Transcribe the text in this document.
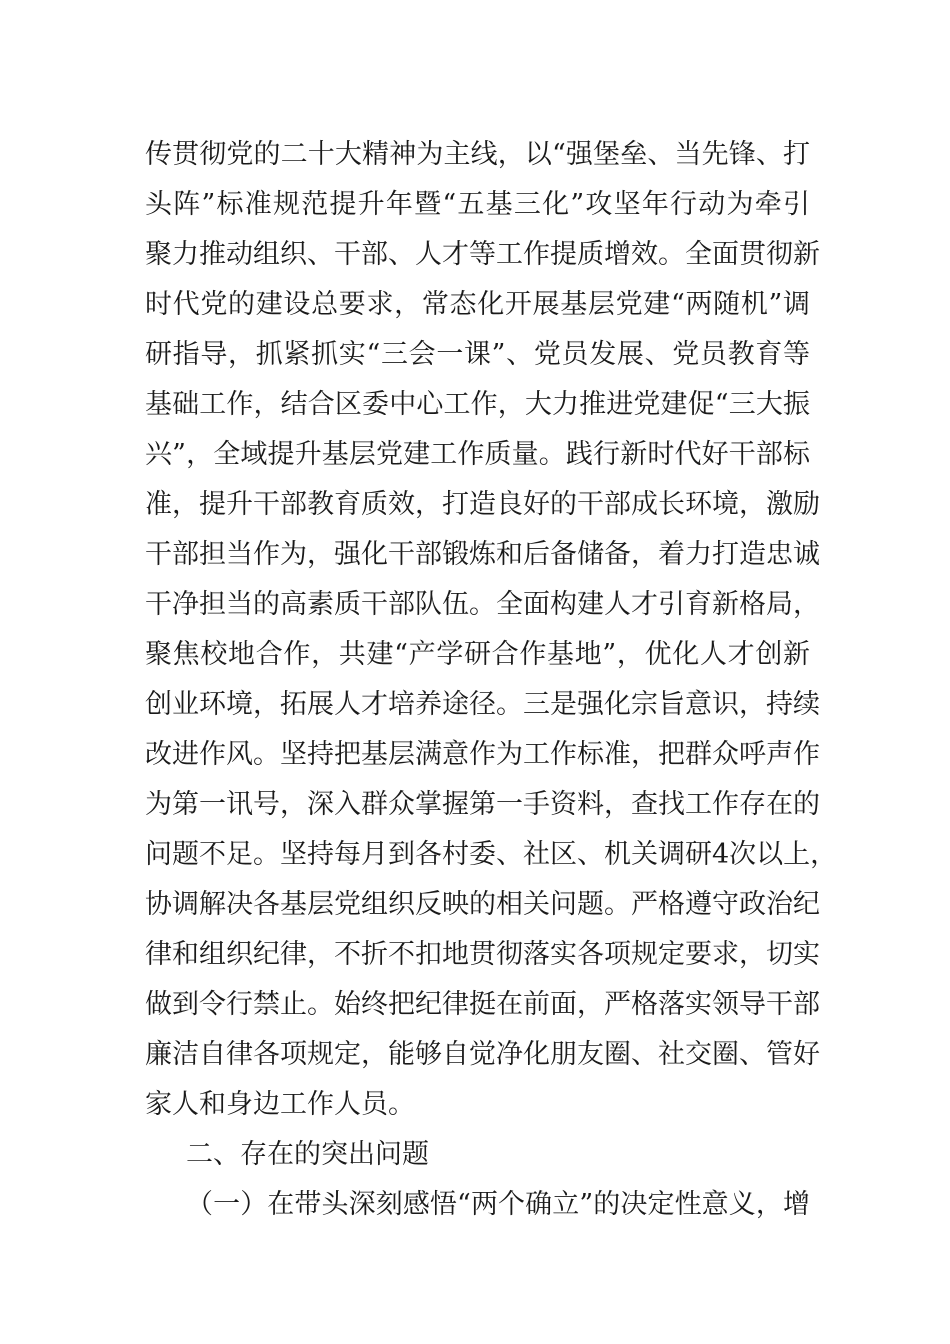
传贯彻党的二十大精神为主线，以“强堡垒、当先锋、打
头阵”标准规范提升年暨“五基三化”攻坚年行动为牵引
聚力推动组织、干部、人才等工作提质增效。全面贯彻新
时代党的建设总要求，常态化开展基层党建“两随机”调
研指导，抓紧抓实“三会一课”、党员发展、党员教育等
基础工作，结合区委中心工作，大力推进党建促“三大振
兴”，全域提升基层党建工作质量。践行新时代好干部标
准，提升干部教育质效，打造良好的干部成长环境，激励
干部担当作为，强化干部锻炼和后备储备，着力打造忠诚
干净担当的高素质干部队伍。全面构建人才引育新格局，
聚焦校地合作，共建“产学研合作基地”，优化人才创新
创业环境，拓展人才培养途径。三是强化宗旨意识，持续
改进作风。坚持把基层满意作为工作标准，把群众呼声作
为第一讯号，深入群众掌握第一手资料，查找工作存在的
问题不足。坚持每月到各村委、社区、机关调研4次以上，
协调解决各基层党组织反映的相关问题。严格遵守政治纪
律和组织纪律，不折不扣地贯彻落实各项规定要求，切实
做到令行禁止。始终把纪律挺在前面，严格落实领导干部
廉洁自律各项规定，能够自觉净化朋友圈、社交圈、管好
家人和身边工作人员。
二、存在的突出问题
（一）在带头深刻感悟“两个确立”的决定性意义，增
